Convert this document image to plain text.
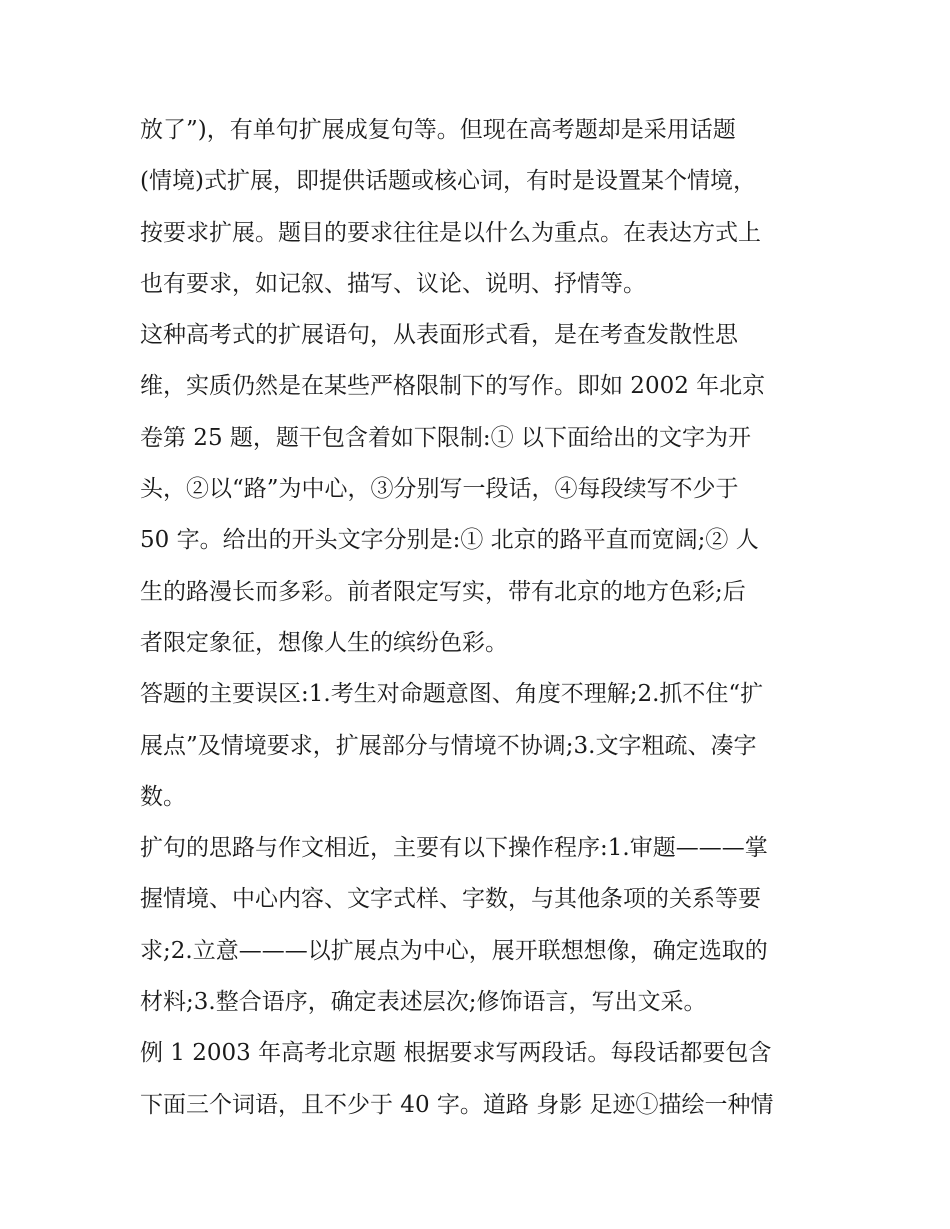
放了”)，有单句扩展成复句等。但现在高考题却是采用话题
(情境)式扩展，即提供话题或核心词，有时是设置某个情境，
按要求扩展。题目的要求往往是以什么为重点。在表达方式上
也有要求，如记叙、描写、议论、说明、抒情等。
这种高考式的扩展语句，从表面形式看，是在考查发散性思
维，实质仍然是在某些严格限制下的写作。即如 2002 年北京
卷第 25 题，题干包含着如下限制:① 以下面给出的文字为开
头，②以“路”为中心，③分别写一段话，④每段续写不少于
50 字。给出的开头文字分别是:① 北京的路平直而宽阔;② 人
生的路漫长而多彩。前者限定写实，带有北京的地方色彩;后
者限定象征，想像人生的缤纷色彩。
答题的主要误区:1.考生对命题意图、角度不理解;2.抓不住“扩
展点”及情境要求，扩展部分与情境不协调;3.文字粗疏、凑字
数。
扩句的思路与作文相近，主要有以下操作程序:1.审题———掌
握情境、中心内容、文字式样、字数，与其他条项的关系等要
求;2.立意———以扩展点为中心，展开联想想像，确定选取的
材料;3.整合语序，确定表述层次;修饰语言，写出文采。
例 1 2003 年高考北京题 根据要求写两段话。每段话都要包含
下面三个词语，且不少于 40 字。道路 身影 足迹①描绘一种情
